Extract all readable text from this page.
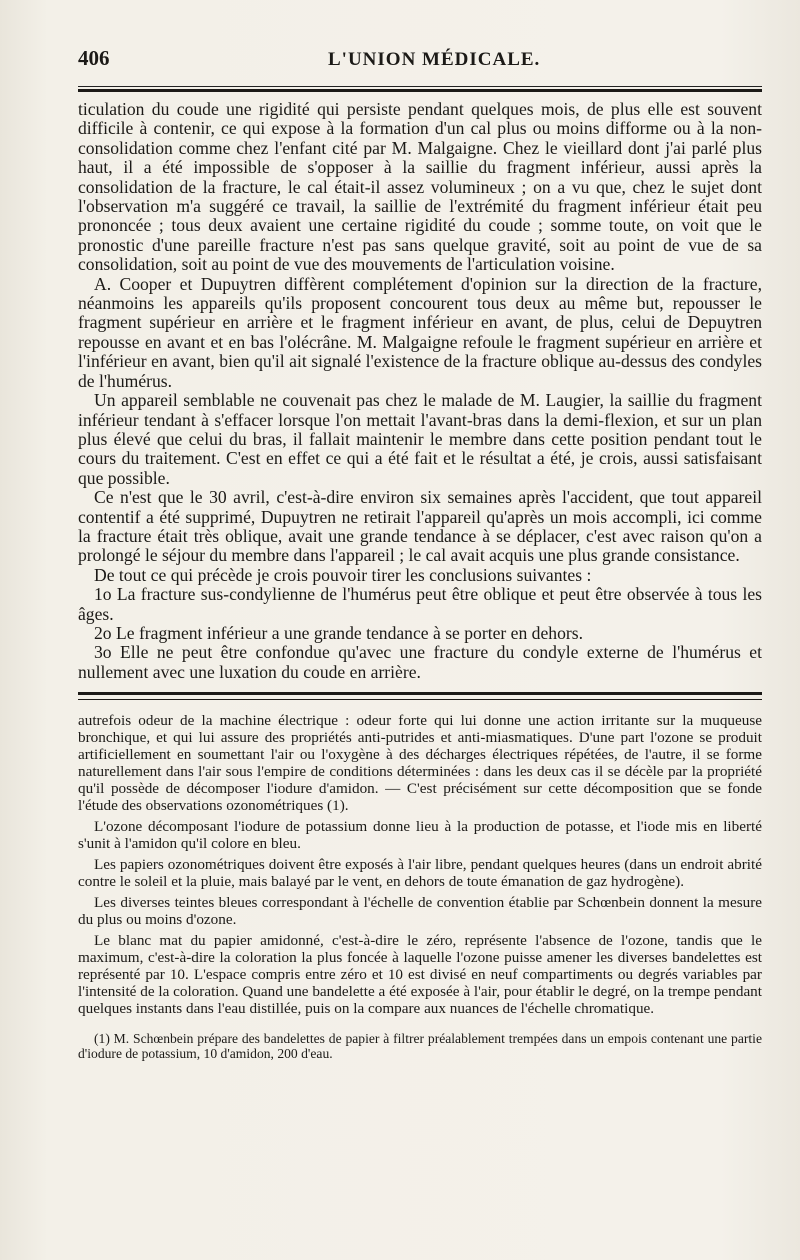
406	L'UNION MÉDICALE.

ticulation du coude une rigidité qui persiste pendant quelques mois, de plus elle est souvent difficile à contenir, ce qui expose à la formation d'un cal plus ou moins difforme ou à la non-consolidation comme chez l'enfant cité par M. Malgaigne. Chez le vieillard dont j'ai parlé plus haut, il a été impossible de s'opposer à la saillie du fragment inférieur, aussi après la consolidation de la fracture, le cal était-il assez volumineux ; on a vu que, chez le sujet dont l'observation m'a suggéré ce travail, la saillie de l'extrémité du fragment inférieur était peu prononcée ; tous deux avaient une certaine rigidité du coude ; somme toute, on voit que le pronostic d'une pareille fracture n'est pas sans quelque gravité, soit au point de vue de sa consolidation, soit au point de vue des mouvements de l'articulation voisine.

A. Cooper et Dupuytren diffèrent complétement d'opinion sur la direction de la fracture, néanmoins les appareils qu'ils proposent concourent tous deux au même but, repousser le fragment supérieur en arrière et le fragment inférieur en avant, de plus, celui de Depuytren repousse en avant et en bas l'olécrâne. M. Malgaigne refoule le fragment supérieur en arrière et l'inférieur en avant, bien qu'il ait signalé l'existence de la fracture oblique au-dessus des condyles de l'humérus.

Un appareil semblable ne couvenait pas chez le malade de M. Laugier, la saillie du fragment inférieur tendant à s'effacer lorsque l'on mettait l'avant-bras dans la demi-flexion, et sur un plan plus élevé que celui du bras, il fallait maintenir le membre dans cette position pendant tout le cours du traitement. C'est en effet ce qui a été fait et le résultat a été, je crois, aussi satisfaisant que possible.

Ce n'est que le 30 avril, c'est-à-dire environ six semaines après l'accident, que tout appareil contentif a été supprimé, Dupuytren ne retirait l'appareil qu'après un mois accompli, ici comme la fracture était très oblique, avait une grande tendance à se déplacer, c'est avec raison qu'on a prolongé le séjour du membre dans l'appareil ; le cal avait acquis une plus grande consistance.

De tout ce qui précède je crois pouvoir tirer les conclusions suivantes :

1o La fracture sus-condylienne de l'humérus peut être oblique et peut être observée à tous les âges.

2o Le fragment inférieur a une grande tendance à se porter en dehors.

3o Elle ne peut être confondue qu'avec une fracture du condyle externe de l'humérus et nullement avec une luxation du coude en arrière.

autrefois odeur de la machine électrique : odeur forte qui lui donne une action irritante sur la muqueuse bronchique, et qui lui assure des propriétés anti-putrides et anti-miasmatiques. D'une part l'ozone se produit artificiellement en soumettant l'air ou l'oxygène à des décharges électriques répétées, de l'autre, il se forme naturellement dans l'air sous l'empire de conditions déterminées : dans les deux cas il se décèle par la propriété qu'il possède de décomposer l'iodure d'amidon. — C'est précisément sur cette décomposition que se fonde l'étude des observations ozonométriques (1).

L'ozone décomposant l'iodure de potassium donne lieu à la production de potasse, et l'iode mis en liberté s'unit à l'amidon qu'il colore en bleu.

Les papiers ozonométriques doivent être exposés à l'air libre, pendant quelques heures (dans un endroit abrité contre le soleil et la pluie, mais balayé par le vent, en dehors de toute émanation de gaz hydrogène).

Les diverses teintes bleues correspondant à l'échelle de convention établie par Schœnbein donnent la mesure du plus ou moins d'ozone.

Le blanc mat du papier amidonné, c'est-à-dire le zéro, représente l'absence de l'ozone, tandis que le maximum, c'est-à-dire la coloration la plus foncée à laquelle l'ozone puisse amener les diverses bandelettes est représenté par 10. L'espace compris entre zéro et 10 est divisé en neuf compartiments ou degrés variables par l'intensité de la coloration. Quand une bandelette a été exposée à l'air, pour établir le degré, on la trempe pendant quelques instants dans l'eau distillée, puis on la compare aux nuances de l'échelle chromatique.

(1) M. Schœnbein prépare des bandelettes de papier à filtrer préalablement trempées dans un empois contenant une partie d'iodure de potassium, 10 d'amidon, 200 d'eau.
